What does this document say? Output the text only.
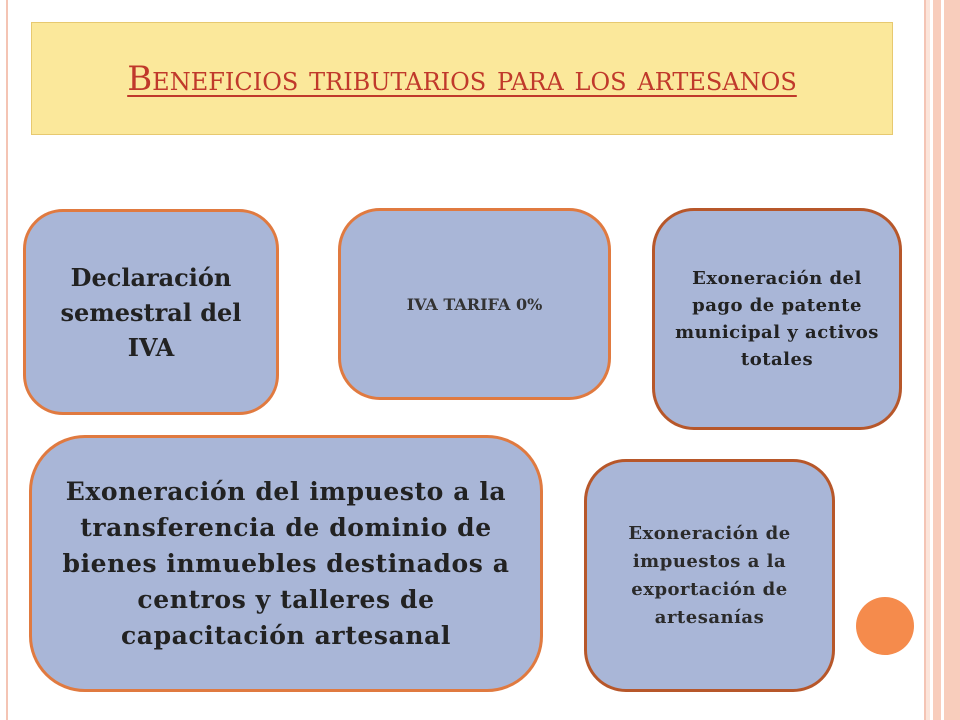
Beneficios tributarios para los artesanos
Declaración semestral del IVA
IVA TARIFA 0%
Exoneración del pago de patente municipal y activos totales
Exoneración del impuesto a la transferencia de dominio de bienes inmuebles destinados a centros y talleres de capacitación artesanal
Exoneración de impuestos a la exportación de artesanías
